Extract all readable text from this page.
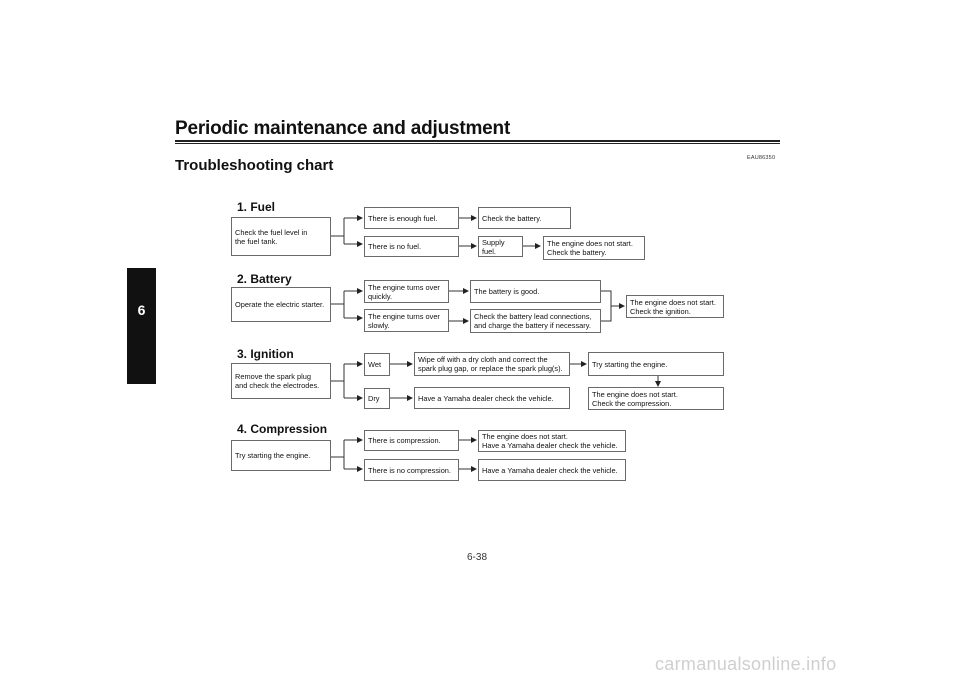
Periodic maintenance and adjustment
Troubleshooting chart	EAU86350
6
1. Fuel
Check the fuel level in
the fuel tank.
There is enough fuel.	Check the battery.
There is no fuel.	Supply fuel.
The engine does not start.
Check the battery.
2. Battery
Operate the electric starter.
The engine turns over
quickly.	The battery is good.
The engine turns over
slowly.
Check the battery lead connections,
and charge the battery if necessary.
The engine does not start.
Check the ignition.
3. Ignition
Remove the spark plug
and check the electrodes.
Wet
Wipe off with a dry cloth and correct the
spark plug gap, or replace the spark plug(s).	Try starting the engine.
Dry	Have a Yamaha dealer check the vehicle.	The engine does not start.
Check the compression.
4. Compression
Try starting the engine.
There is compression.	The engine does not start.
Have a Yamaha dealer check the vehicle.
There is no compression.	Have a Yamaha dealer check the vehicle.
6-38
carmanualsonline.info
